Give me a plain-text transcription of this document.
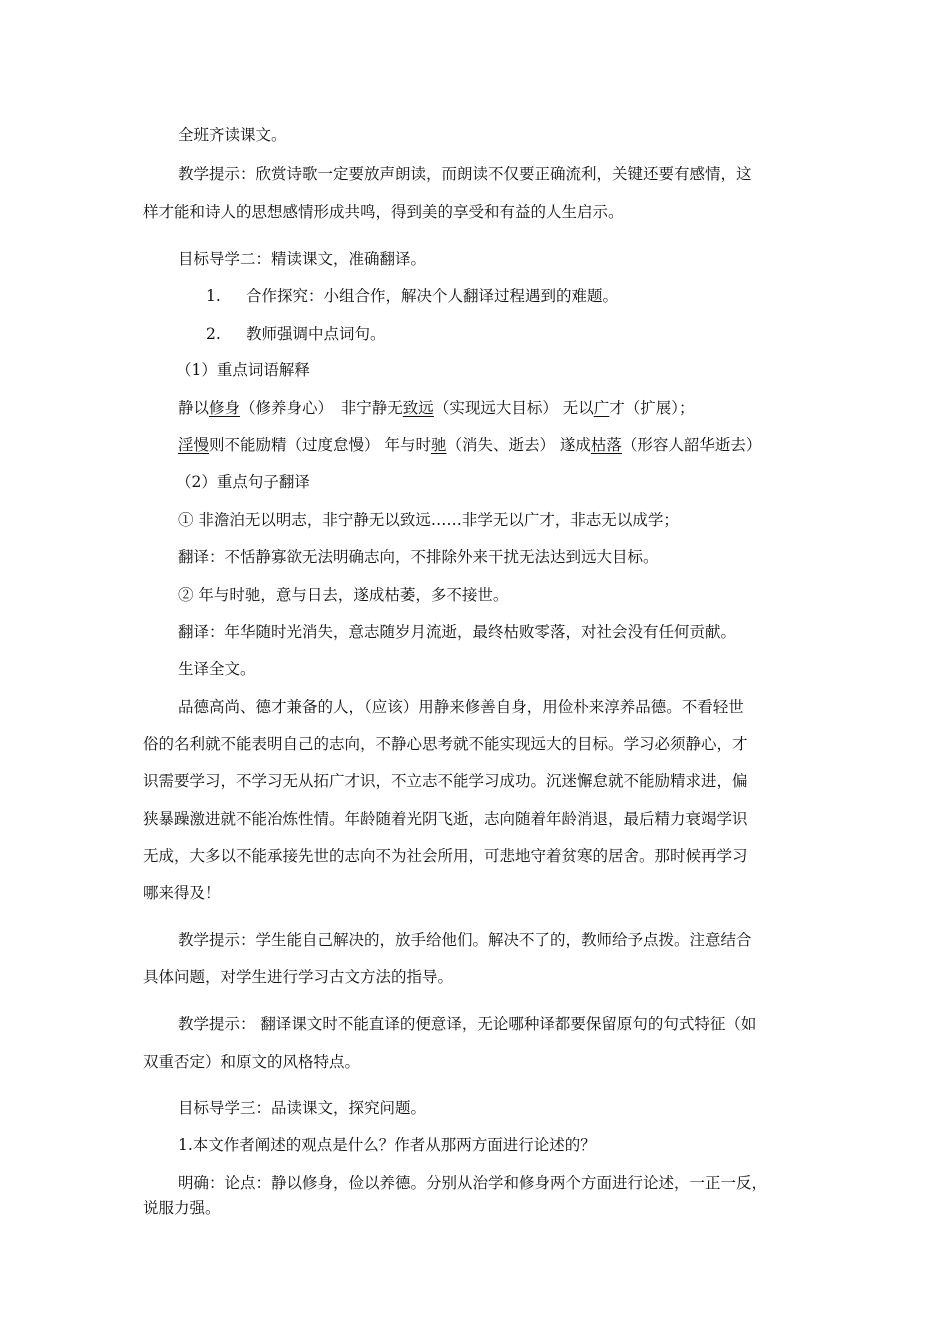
全班齐读课文。
教学提示：欣赏诗歌一定要放声朗读，而朗读不仅要正确流利，关键还要有感情，这
样才能和诗人的思想感情形成共鸣，得到美的享受和有益的人生启示。
目标导学二：精读课文，准确翻译。
1. 合作探究：小组合作，解决个人翻译过程遇到的难题。
2. 教师强调中点词句。
（1）重点词语解释
静以修身（修养身心）　非宁静无致远（实现远大目标） 无以广才（扩展）；
淫慢则不能励精（过度怠慢） 年与时驰（消失、逝去） 遂成枯落（形容人韶华逝去）
（2）重点句子翻译
① 非澹泊无以明志，非宁静无以致远……非学无以广才，非志无以成学；
翻译：不恬静寡欲无法明确志向，不排除外来干扰无法达到远大目标。
② 年与时驰，意与日去，遂成枯萎，多不接世。
翻译：年华随时光消失，意志随岁月流逝，最终枯败零落，对社会没有任何贡献。
生译全文。
品德高尚、德才兼备的人，（应该）用静来修善自身，用俭朴来淳养品德。不看轻世
俗的名利就不能表明自己的志向，不静心思考就不能实现远大的目标。学习必须静心，才
识需要学习，不学习无从拓广才识，不立志不能学习成功。沉迷懈怠就不能励精求进，偏
狭暴躁激进就不能冶炼性情。年龄随着光阴飞逝，志向随着年龄消退，最后精力衰竭学识
无成，大多以不能承接先世的志向不为社会所用，可悲地守着贫寒的居舍。那时候再学习
哪来得及！
教学提示：学生能自己解决的，放手给他们。解决不了的，教师给予点拨。注意结合
具体问题，对学生进行学习古文方法的指导。
教学提示： 翻译课文时不能直译的便意译，无论哪种译都要保留原句的句式特征（如
双重否定）和原文的风格特点。
目标导学三：品读课文，探究问题。
1.本文作者阐述的观点是什么？作者从那两方面进行论述的？
明确：论点：静以修身，俭以养德。分别从治学和修身两个方面进行论述，一正一反，
说服力强。
